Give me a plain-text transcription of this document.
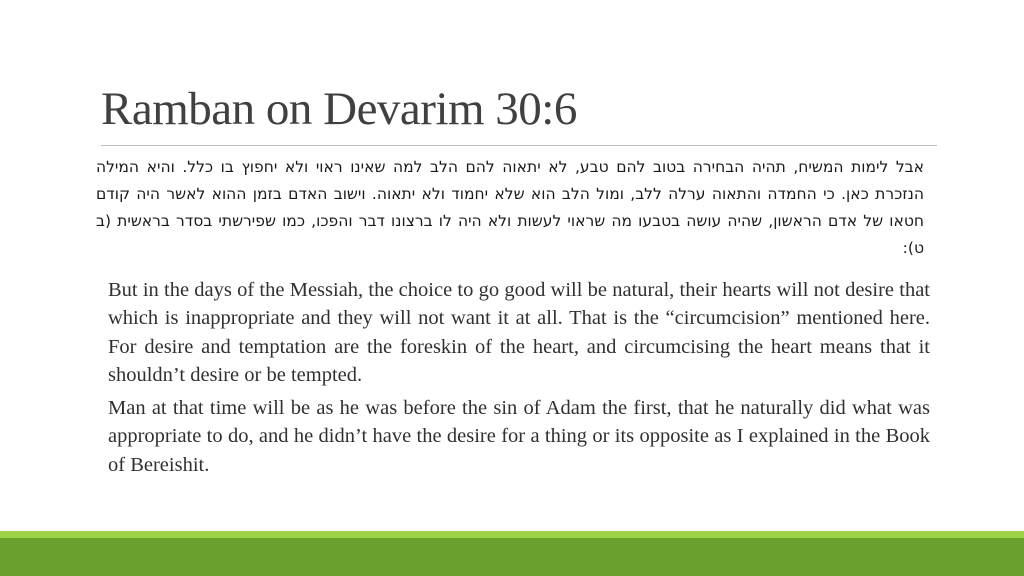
Ramban on Devarim 30:6

אבל לימות המשיח, תהיה הבחירה בטוב להם טבע, לא יתאוה להם הלב למה שאינו ראוי ולא יחפוץ בו כלל. והיא המילה הנזכרת כאן. כי החמדה והתאוה ערלה ללב, ומול הלב הוא שלא יחמוד ולא יתאוה. וישוב האדם בזמן ההוא לאשר היה קודם חטאו של אדם הראשון, שהיה עושה בטבעו מה שראוי לעשות ולא היה לו ברצונו דבר והפכו, כמו שפירשתי בסדר בראשית (ב ט):

But in the days of the Messiah, the choice to go good will be natural, their hearts will not desire that which is inappropriate and they will not want it at all. That is the “circumcision” mentioned here. For desire and temptation are the foreskin of the heart, and circumcising the heart means that it shouldn’t desire or be tempted.

Man at that time will be as he was before the sin of Adam the first, that he naturally did what was appropriate to do, and he didn’t have the desire for a thing or its opposite as I explained in the Book of Bereishit.
